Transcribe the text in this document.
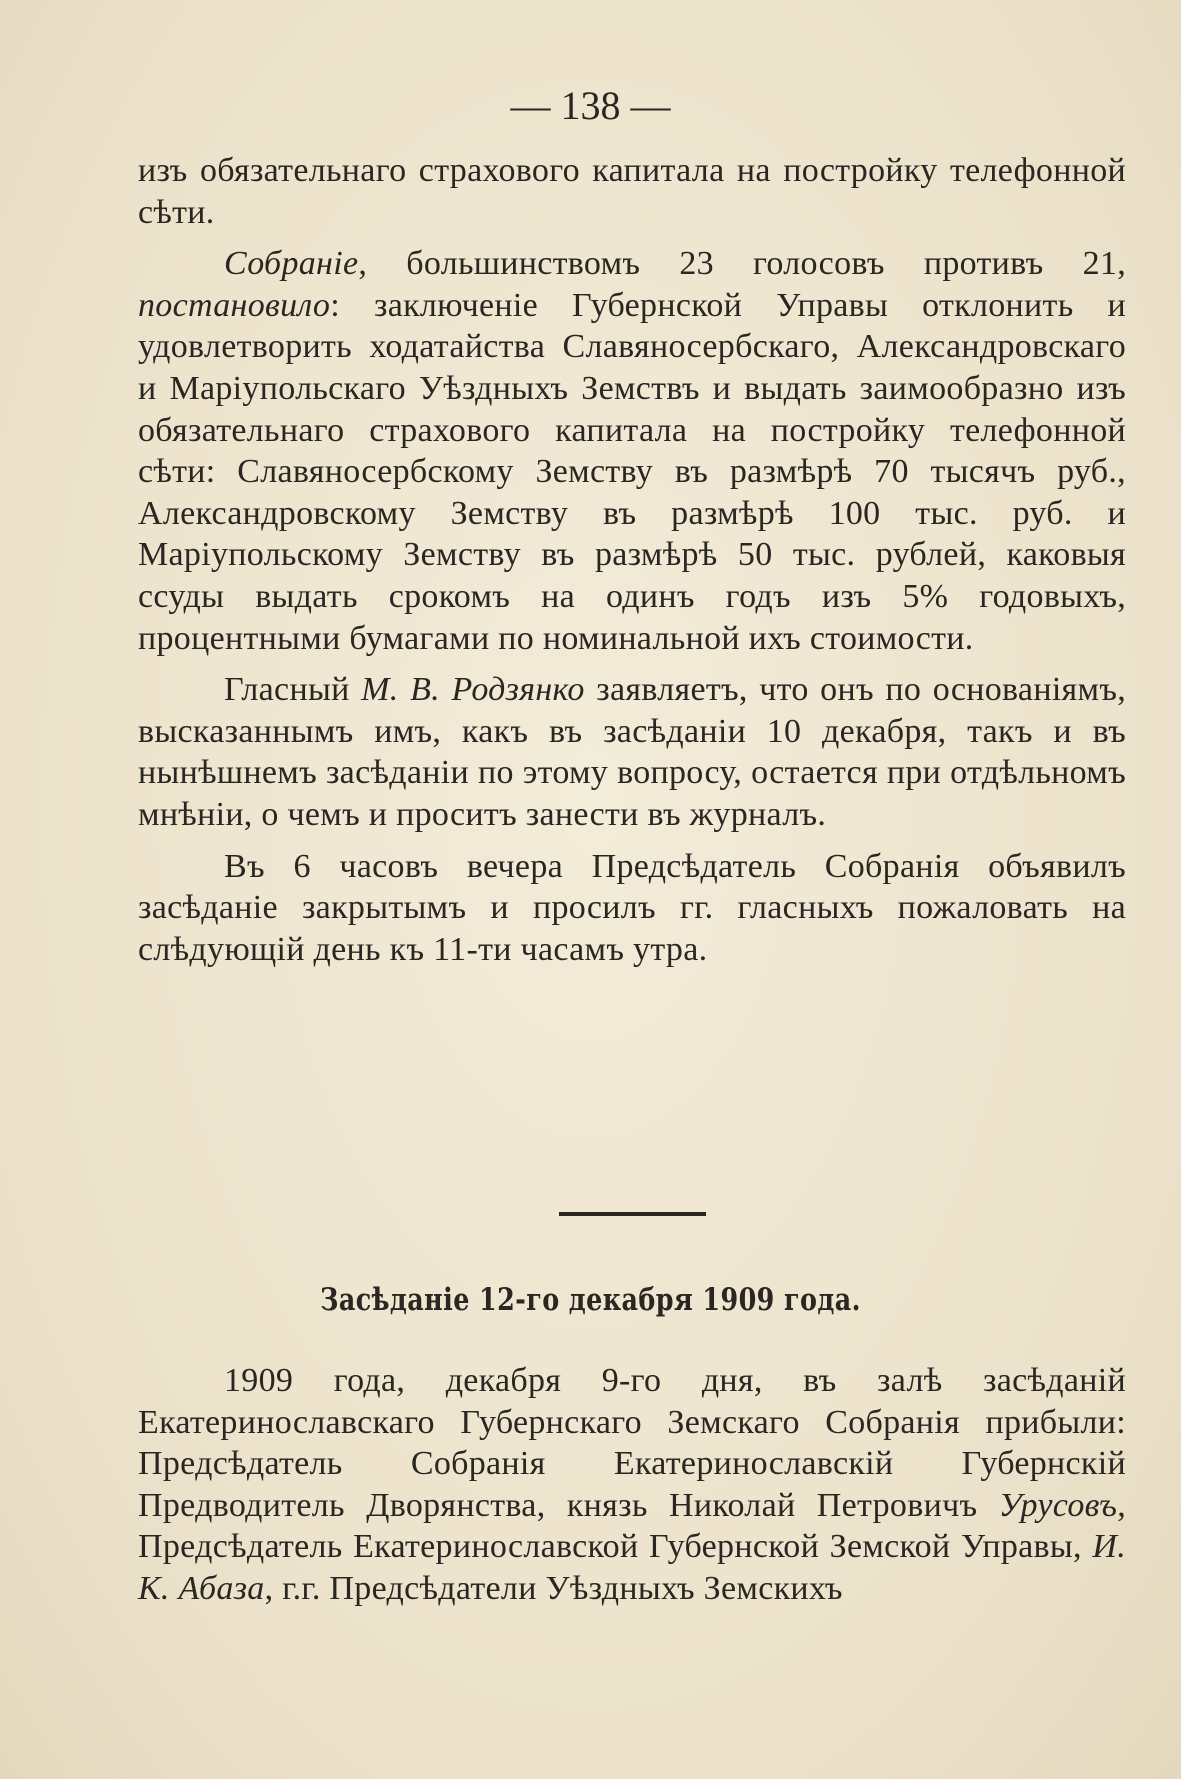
— 138 —

изъ обязательнаго страхового капитала на постройку телефонной сѣти.

Собраніе, большинствомъ 23 голосовъ противъ 21, постановило: заключеніе Губернской Управы отклонить и удовлетворить ходатайства Славяносербскаго, Александровскаго и Маріупольскаго Уѣздныхъ Земствъ и выдать заимообразно изъ обязательнаго страхового капитала на постройку телефонной сѣти: Славяносербскому Земству въ размѣрѣ 70 тысячъ руб., Александровскому Земству въ размѣрѣ 100 тыс. руб. и Маріупольскому Земству въ размѣрѣ 50 тыс. рублей, каковыя ссуды выдать срокомъ на одинъ годъ изъ 5% годовыхъ, процентными бумагами по номинальной ихъ стоимости.

Гласный М. В. Родзянко заявляетъ, что онъ по основаніямъ, высказаннымъ имъ, какъ въ засѣданіи 10 декабря, такъ и въ нынѣшнемъ засѣданіи по этому вопросу, остается при отдѣльномъ мнѣніи, о чемъ и проситъ занести въ журналъ.

Въ 6 часовъ вечера Предсѣдатель Собранія объявилъ засѣданіе закрытымъ и просилъ гг. гласныхъ пожаловать на слѣдующій день къ 11-ти часамъ утра.

Засѣданіе 12-го декабря 1909 года.

1909 года, декабря 9-го дня, въ залѣ засѣданій Екатеринославскаго Губернскаго Земскаго Собранія прибыли: Предсѣдатель Собранія Екатеринославскій Губернскій Предводитель Дворянства, князь Николай Петровичъ Урусовъ, Предсѣдатель Екатеринославской Губернской Земской Управы, И. К. Абаза, г.г. Предсѣдатели Уѣздныхъ Земскихъ
